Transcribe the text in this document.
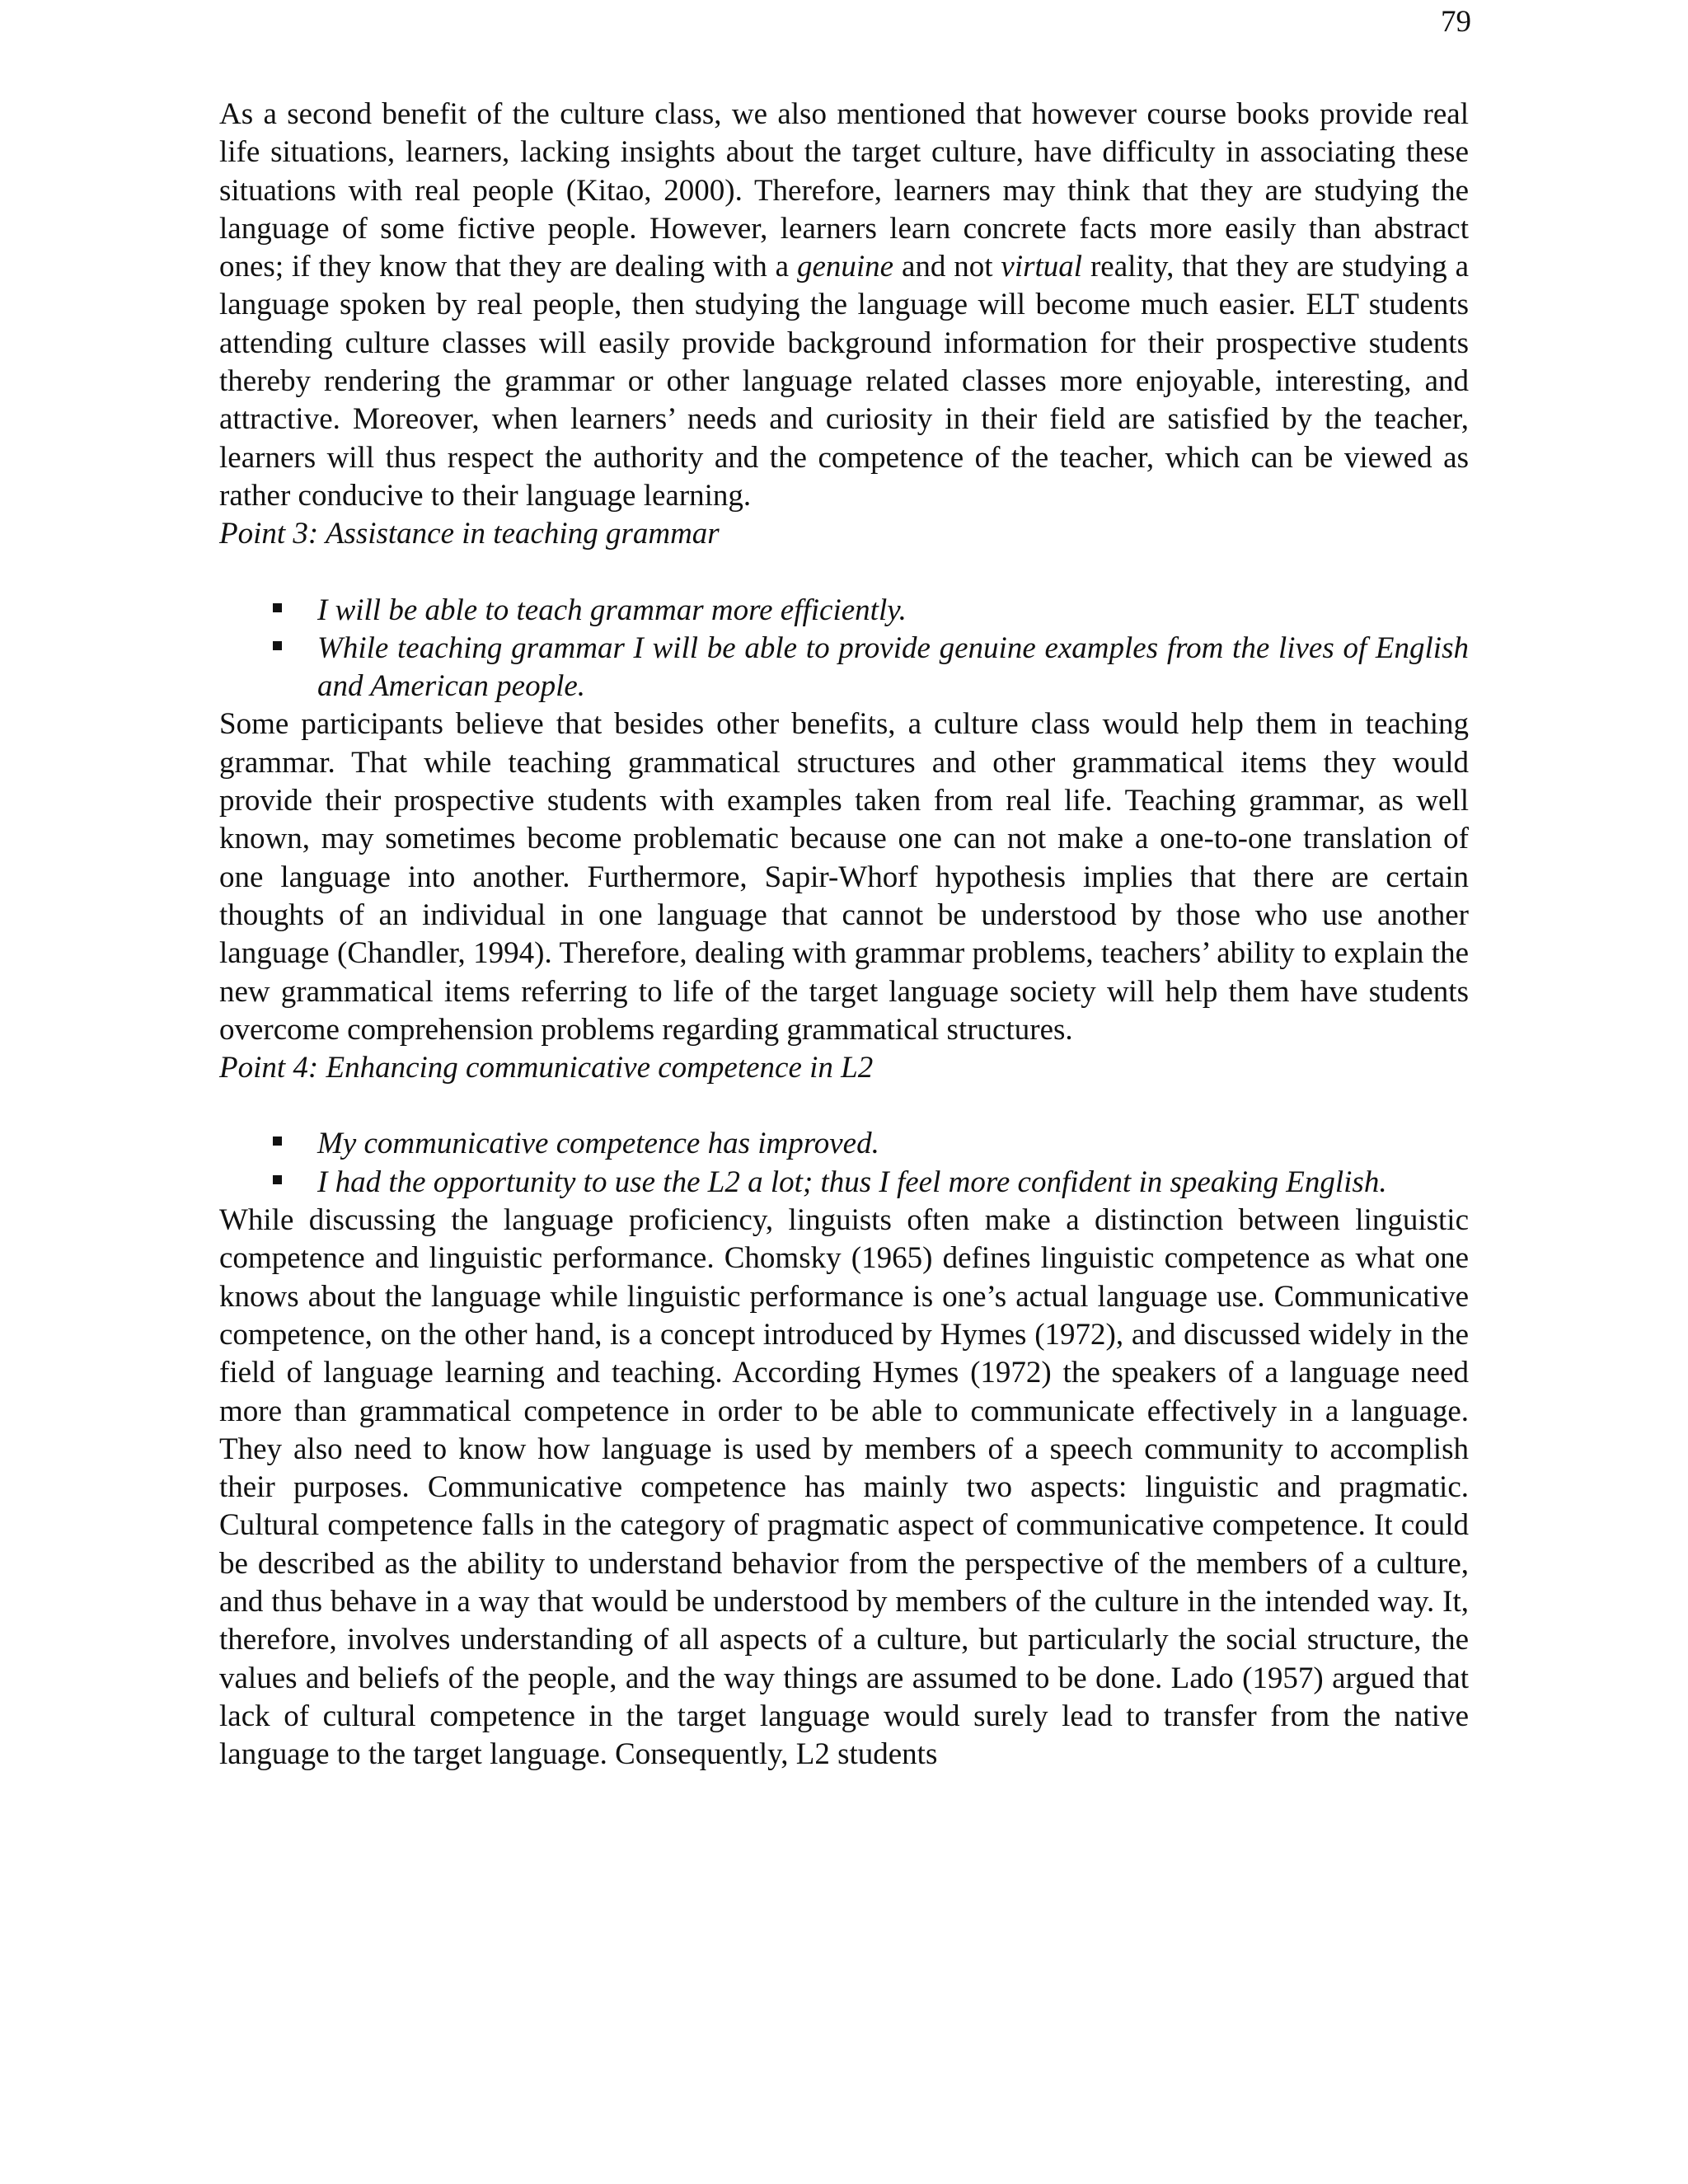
79

As a second benefit of the culture class, we also mentioned that however course books provide real life situations, learners, lacking insights about the target culture, have difficulty in associating these situations with real people (Kitao, 2000). Therefore, learners may think that they are studying the language of some fictive people. However, learners learn concrete facts more easily than abstract ones; if they know that they are dealing with a genuine and not virtual reality, that they are studying a language spoken by real people, then studying the language will become much easier. ELT students attending culture classes will easily provide background information for their prospective students thereby rendering the grammar or other language related classes more enjoyable, interesting, and attractive. Moreover, when learners’ needs and curiosity in their field are satisfied by the teacher, learners will thus respect the authority and the competence of the teacher, which can be viewed as rather conducive to their language learning.

Point 3: Assistance in teaching grammar

I will be able to teach grammar more efficiently.
While teaching grammar I will be able to provide genuine examples from the lives of English and American people.

Some participants believe that besides other benefits, a culture class would help them in teaching grammar. That while teaching grammatical structures and other grammatical items they would provide their prospective students with examples taken from real life. Teaching grammar, as well known, may sometimes become problematic because one can not make a one-to-one translation of one language into another. Furthermore, Sapir-Whorf hypothesis implies that there are certain thoughts of an individual in one language that cannot be understood by those who use another language (Chandler, 1994). Therefore, dealing with grammar problems, teachers’ ability to explain the new grammatical items referring to life of the target language society will help them have students overcome comprehension problems regarding grammatical structures.

Point 4: Enhancing communicative competence in L2

My communicative competence has improved.
I had the opportunity to use the L2 a lot; thus I feel more confident in speaking English.

While discussing the language proficiency, linguists often make a distinction between linguistic competence and linguistic performance. Chomsky (1965) defines linguistic competence as what one knows about the language while linguistic performance is one’s actual language use. Communicative competence, on the other hand, is a concept introduced by Hymes (1972), and discussed widely in the field of language learning and teaching. According Hymes (1972) the speakers of a language need more than grammatical competence in order to be able to communicate effectively in a language. They also need to know how language is used by members of a speech community to accomplish their purposes. Communicative competence has mainly two aspects: linguistic and pragmatic. Cultural competence falls in the category of pragmatic aspect of communicative competence. It could be described as the ability to understand behavior from the perspective of the members of a culture, and thus behave in a way that would be understood by members of the culture in the intended way. It, therefore, involves understanding of all aspects of a culture, but particularly the social structure, the values and beliefs of the people, and the way things are assumed to be done. Lado (1957) argued that lack of cultural competence in the target language would surely lead to transfer from the native language to the target language. Consequently, L2 students
